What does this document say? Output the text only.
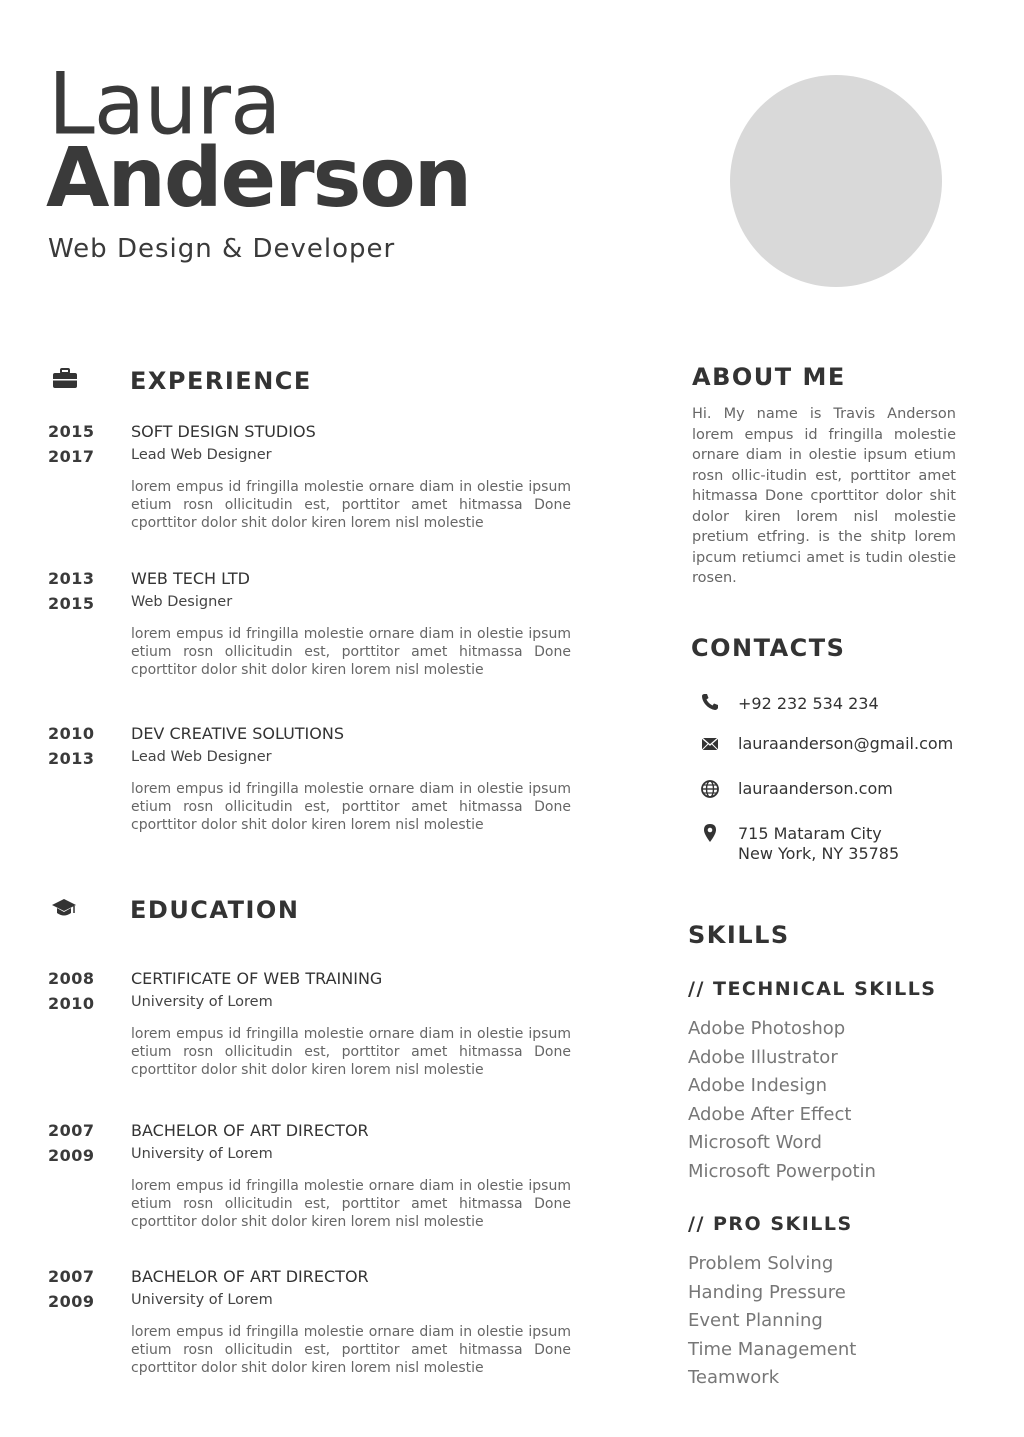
Laura
Anderson
Web Design & Developer
EXPERIENCE
2015
2017
SOFT DESIGN STUDIOS
Lead Web Designer
lorem empus id fringilla molestie ornare diam in olestie ipsum etium rosn ollicitudin est, porttitor amet hitmassa Done cporttitor dolor shit dolor kiren lorem nisl molestie
2013
2015
WEB TECH LTD
Web Designer
lorem empus id fringilla molestie ornare diam in olestie ipsum etium rosn ollicitudin est, porttitor amet hitmassa Done cporttitor dolor shit dolor kiren lorem nisl molestie
2010
2013
DEV CREATIVE SOLUTIONS
Lead Web Designer
lorem empus id fringilla molestie ornare diam in olestie ipsum etium rosn ollicitudin est, porttitor amet hitmassa Done cporttitor dolor shit dolor kiren lorem nisl molestie
EDUCATION
2008
2010
CERTIFICATE OF WEB TRAINING
University of Lorem
lorem empus id fringilla molestie ornare diam in olestie ipsum etium rosn ollicitudin est, porttitor amet hitmassa Done cporttitor dolor shit dolor kiren lorem nisl molestie
2007
2009
BACHELOR OF ART DIRECTOR
University of Lorem
lorem empus id fringilla molestie ornare diam in olestie ipsum etium rosn ollicitudin est, porttitor amet hitmassa Done cporttitor dolor shit dolor kiren lorem nisl molestie
2007
2009
BACHELOR OF ART DIRECTOR
University of Lorem
lorem empus id fringilla molestie ornare diam in olestie ipsum etium rosn ollicitudin est, porttitor amet hitmassa Done cporttitor dolor shit dolor kiren lorem nisl molestie
ABOUT ME
Hi. My name is Travis Anderson lorem empus id fringilla molestie ornare diam in olestie ipsum etium rosn ollic-itudin est, porttitor amet hitmassa Done cporttitor dolor shit dolor kiren lorem nisl molestie pretium etfring. is the shitp lorem ipcum retiumci amet is tudin olestie rosen.
CONTACTS
+92 232 534 234
lauraanderson@gmail.com
lauraanderson.com
715 Mataram City
New York, NY 35785
SKILLS
// TECHNICAL SKILLS
Adobe Photoshop
Adobe Illustrator
Adobe Indesign
Adobe After Effect
Microsoft Word
Microsoft Powerpotin
// PRO SKILLS
Problem Solving
Handing Pressure
Event Planning
Time Management
Teamwork
